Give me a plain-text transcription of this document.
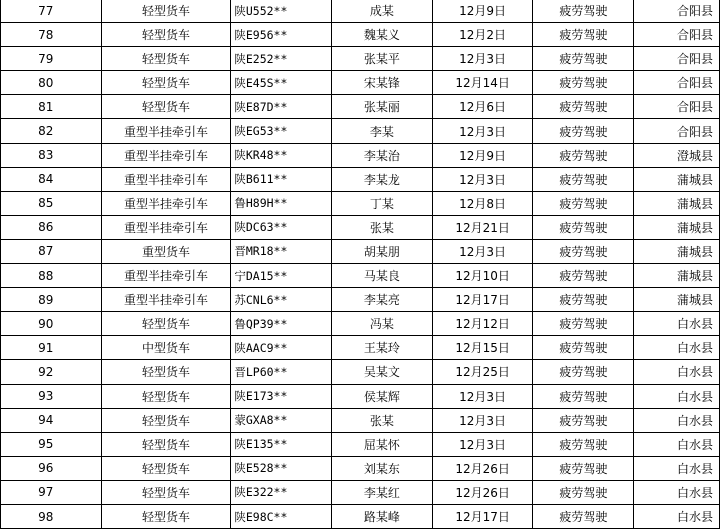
77	轻型货车	陕U552**	成某	12月9日	疲劳驾驶	合阳县
78	轻型货车	陕E956**	魏某义	12月2日	疲劳驾驶	合阳县
79	轻型货车	陕E252**	张某平	12月3日	疲劳驾驶	合阳县
80	轻型货车	陕E45S**	宋某锋	12月14日	疲劳驾驶	合阳县
81	轻型货车	陕E87D**	张某丽	12月6日	疲劳驾驶	合阳县
82	重型半挂牵引车	陕EG53**	李某	12月3日	疲劳驾驶	合阳县
83	重型半挂牵引车	陕KR48**	李某治	12月9日	疲劳驾驶	澄城县
84	重型半挂牵引车	陕B611**	李某龙	12月3日	疲劳驾驶	蒲城县
85	重型半挂牵引车	鲁H89H**	丁某	12月8日	疲劳驾驶	蒲城县
86	重型半挂牵引车	陕DC63**	张某	12月21日	疲劳驾驶	蒲城县
87	重型货车	晋MR18**	胡某朋	12月3日	疲劳驾驶	蒲城县
88	重型半挂牵引车	宁DA15**	马某良	12月10日	疲劳驾驶	蒲城县
89	重型半挂牵引车	苏CNL6**	李某亮	12月17日	疲劳驾驶	蒲城县
90	轻型货车	鲁QP39**	冯某	12月12日	疲劳驾驶	白水县
91	中型货车	陕AAC9**	王某玲	12月15日	疲劳驾驶	白水县
92	轻型货车	晋LP60**	吴某文	12月25日	疲劳驾驶	白水县
93	轻型货车	陕E173**	侯某辉	12月3日	疲劳驾驶	白水县
94	轻型货车	蒙GXA8**	张某	12月3日	疲劳驾驶	白水县
95	轻型货车	陕E135**	屈某怀	12月3日	疲劳驾驶	白水县
96	轻型货车	陕E528**	刘某东	12月26日	疲劳驾驶	白水县
97	轻型货车	陕E322**	李某红	12月26日	疲劳驾驶	白水县
98	轻型货车	陕E98C**	路某峰	12月17日	疲劳驾驶	白水县
